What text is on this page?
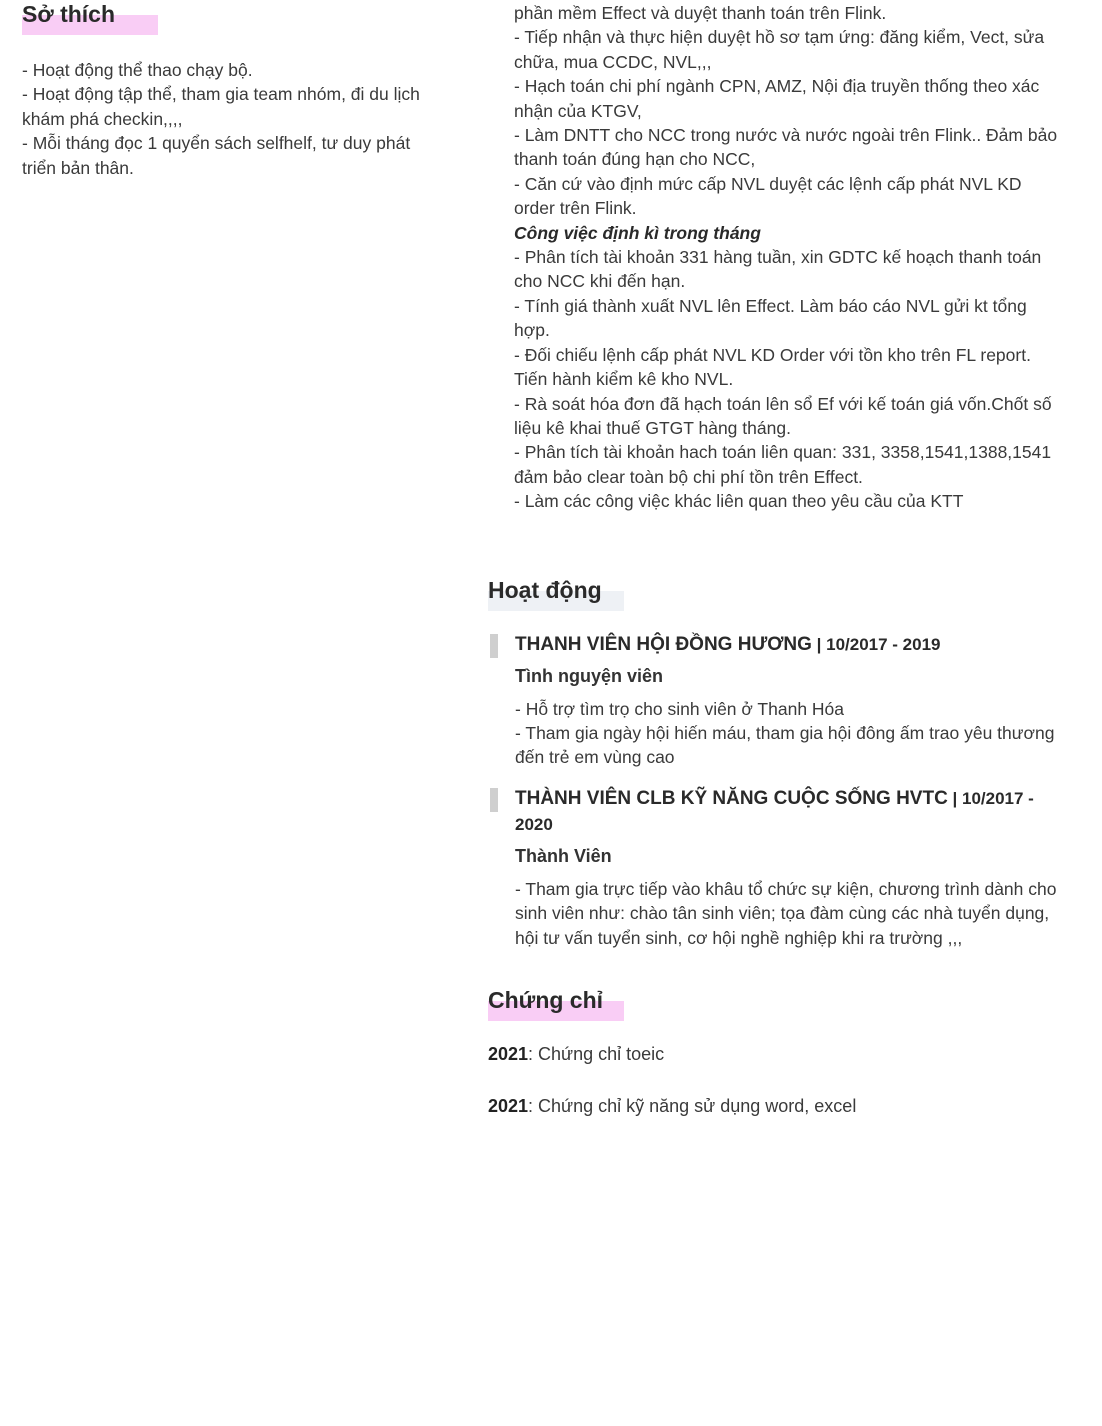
Sở thích

- Hoạt động thể thao chạy bộ.

- Hoạt động tập thể, tham gia team nhóm, đi du lịch khám phá checkin,,,,

- Mỗi tháng đọc 1 quyển sách selfhelf, tư duy phát triển bản thân.

phần mềm Effect và duyệt thanh toán trên Flink.

- Tiếp nhận và thực hiện duyệt hồ sơ tạm ứng: đăng kiểm, Vect, sửa chữa, mua CCDC, NVL,,,

- Hạch toán chi phí ngành CPN, AMZ, Nội địa truyền thống theo xác nhận của KTGV,

- Làm DNTT cho NCC trong nước và nước ngoài trên Flink.. Đảm bảo thanh toán đúng hạn cho NCC,

- Căn cứ vào định mức cấp NVL duyệt các lệnh cấp phát NVL KD order trên Flink.

Công việc định kì trong tháng

- Phân tích tài khoản 331 hàng tuần, xin GDTC kế hoạch thanh toán cho NCC khi đến hạn.

- Tính giá thành xuất NVL lên Effect. Làm báo cáo NVL gửi kt tổng hợp.

- Đối chiếu lệnh cấp phát NVL KD Order với tồn kho trên FL report. Tiến hành kiểm kê kho NVL.

- Rà soát hóa đơn đã hạch toán lên sổ Ef với kế toán giá vốn.Chốt số liệu kê khai thuế GTGT hàng tháng.

- Phân tích tài khoản hach toán liên quan: 331, 3358,1541,1388,1541 đảm bảo clear toàn bộ chi phí tồn trên Effect.

- Làm các công việc khác liên quan theo yêu cầu của KTT

Hoạt động
THANH VIÊN HỘI ĐỒNG HƯƠNG | 10/2017 - 2019
Tình nguyện viên

- Hỗ trợ tìm trọ cho sinh viên ở Thanh Hóa

- Tham gia ngày hội hiến máu, tham gia hội đông ấm trao yêu thương đến trẻ em vùng cao

THÀNH VIÊN CLB KỸ NĂNG CUỘC SỐNG HVTC | 10/2017 - 2020
Thành Viên

- Tham gia trực tiếp vào khâu tổ chức sự kiện, chương trình dành cho sinh viên như: chào tân sinh viên; tọa đàm cùng các nhà tuyển dụng, hội tư vấn tuyển sinh, cơ hội nghề nghiệp khi ra trường ,,,

Chứng chỉ

2021: Chứng chỉ toeic

2021: Chứng chỉ kỹ năng sử dụng word, excel
